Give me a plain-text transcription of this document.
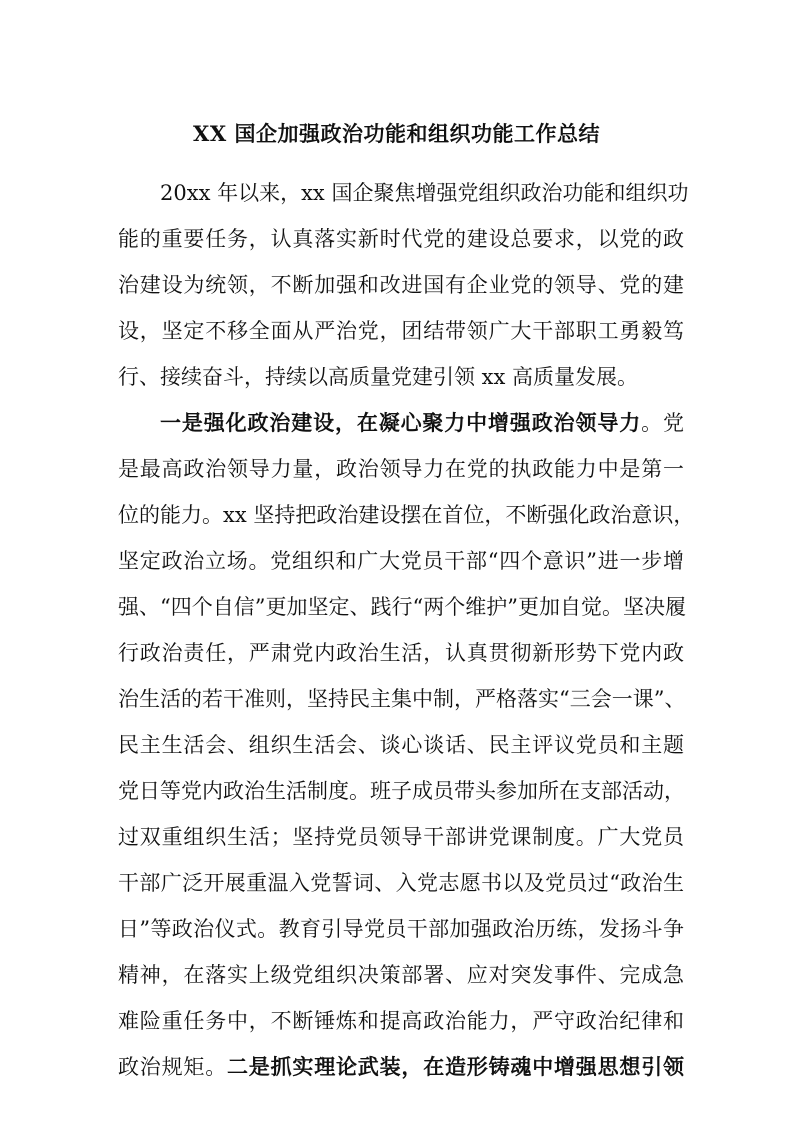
XX 国企加强政治功能和组织功能工作总结
20xx 年以来，xx 国企聚焦增强党组织政治功能和组织功
能的重要任务，认真落实新时代党的建设总要求，以党的政
治建设为统领，不断加强和改进国有企业党的领导、党的建
设，坚定不移全面从严治党，团结带领广大干部职工勇毅笃
行、接续奋斗，持续以高质量党建引领 xx 高质量发展。
一是强化政治建设，在凝心聚力中增强政治领导力。党
是最高政治领导力量，政治领导力在党的执政能力中是第一
位的能力。xx 坚持把政治建设摆在首位，不断强化政治意识，
坚定政治立场。党组织和广大党员干部“四个意识”进一步增
强、“四个自信”更加坚定、践行“两个维护”更加自觉。坚决履
行政治责任，严肃党内政治生活，认真贯彻新形势下党内政
治生活的若干准则，坚持民主集中制，严格落实“三会一课”、
民主生活会、组织生活会、谈心谈话、民主评议党员和主题
党日等党内政治生活制度。班子成员带头参加所在支部活动，
过双重组织生活；坚持党员领导干部讲党课制度。广大党员
干部广泛开展重温入党誓词、入党志愿书以及党员过“政治生
日”等政治仪式。教育引导党员干部加强政治历练，发扬斗争
精神，在落实上级党组织决策部署、应对突发事件、完成急
难险重任务中，不断锤炼和提高政治能力，严守政治纪律和
政治规矩。二是抓实理论武装，在造形铸魂中增强思想引领
